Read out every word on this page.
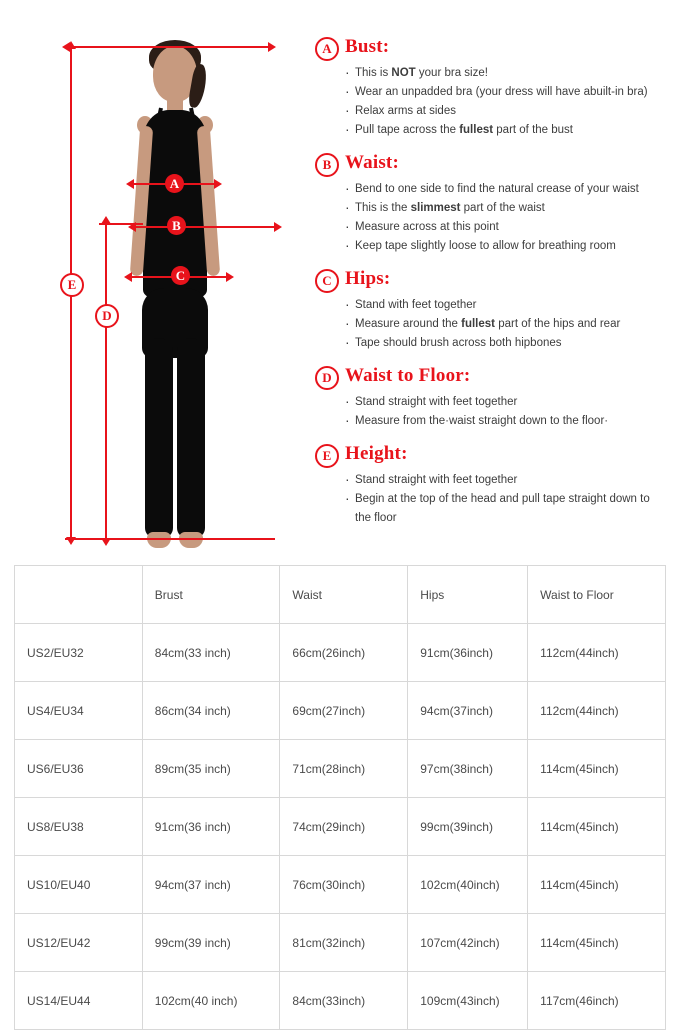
E
D
A
B
C
A Bust:
· This is NOT your bra size!
· Wear an unpadded bra (your dress will have abuilt-in bra)
· Relax arms at sides
· Pull tape across the fullest part of the bust
B Waist:
· Bend to one side to find the natural crease of your waist
· This is the slimmest part of the waist
· Measure across at this point
· Keep tape slightly loose to allow for breathing room
C Hips:
· Stand with feet together
· Measure around the fullest part of the hips and rear
· Tape should brush across both hipbones
D Waist to Floor:
· Stand straight with feet together
· Measure from the·waist straight down to the floor·
E Height:
· Stand straight with feet together
· Begin at the top of the head and pull tape straight down to the floor
	Brust	Waist	Hips	Waist to Floor
US2/EU32	84cm(33 inch)	66cm(26inch)	91cm(36inch)	112cm(44inch)
US4/EU34	86cm(34 inch)	69cm(27inch)	94cm(37inch)	112cm(44inch)
US6/EU36	89cm(35 inch)	71cm(28inch)	97cm(38inch)	114cm(45inch)
US8/EU38	91cm(36 inch)	74cm(29inch)	99cm(39inch)	114cm(45inch)
US10/EU40	94cm(37 inch)	76cm(30inch)	102cm(40inch)	114cm(45inch)
US12/EU42	99cm(39 inch)	81cm(32inch)	107cm(42inch)	114cm(45inch)
US14/EU44	102cm(40 inch)	84cm(33inch)	109cm(43inch)	117cm(46inch)
